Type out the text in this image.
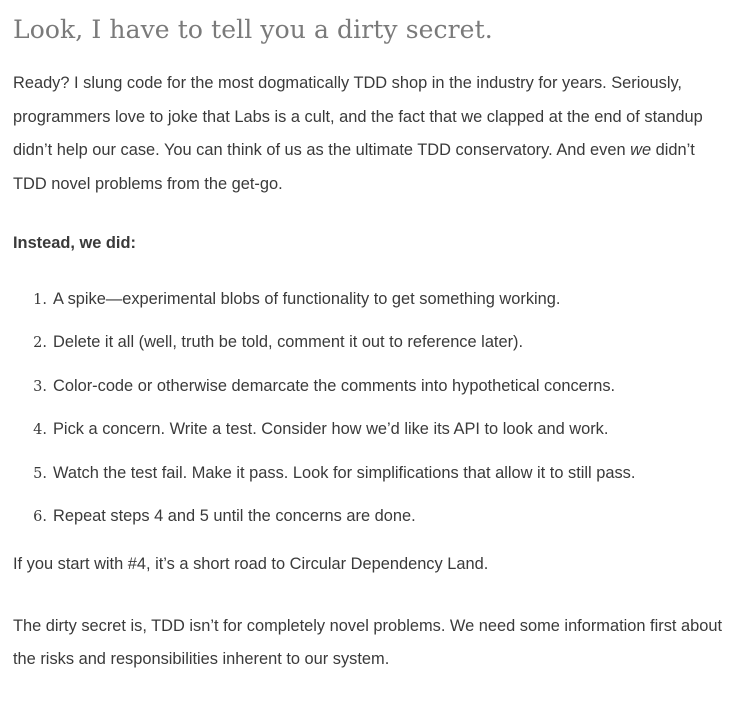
Look, I have to tell you a dirty secret.

Ready? I slung code for the most dogmatically TDD shop in the industry for years. Seriously, programmers love to joke that Labs is a cult, and the fact that we clapped at the end of standup didn’t help our case. You can think of us as the ultimate TDD conservatory. And even we didn’t TDD novel problems from the get-go.

Instead, we did:

1. A spike—experimental blobs of functionality to get something working.
2. Delete it all (well, truth be told, comment it out to reference later).
3. Color-code or otherwise demarcate the comments into hypothetical concerns.
4. Pick a concern. Write a test. Consider how we’d like its API to look and work.
5. Watch the test fail. Make it pass. Look for simplifications that allow it to still pass.
6. Repeat steps 4 and 5 until the concerns are done.

If you start with #4, it’s a short road to Circular Dependency Land.

The dirty secret is, TDD isn’t for completely novel problems. We need some information first about the risks and responsibilities inherent to our system.
